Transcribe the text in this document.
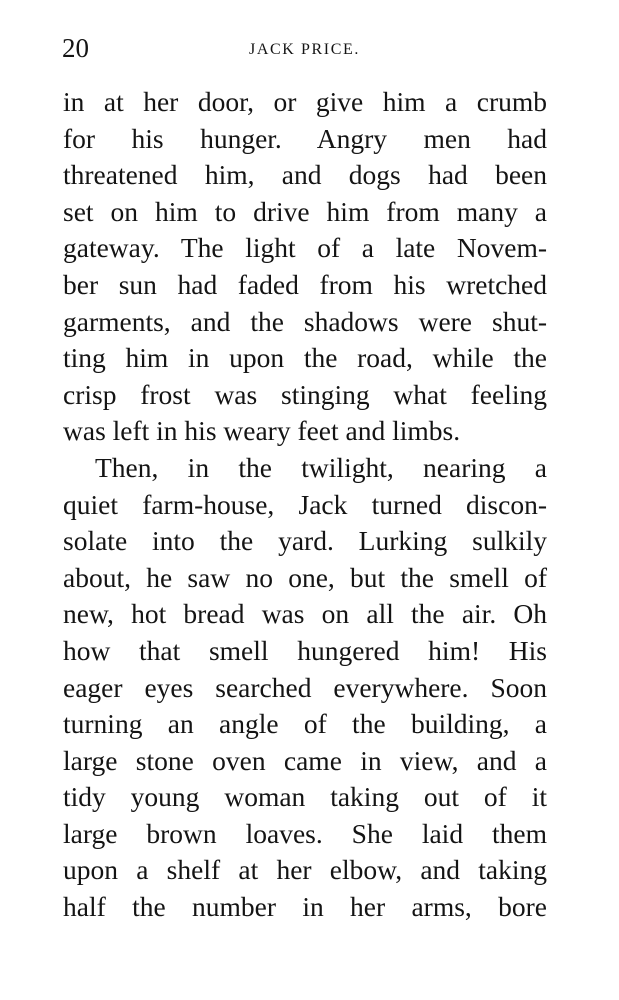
20	JACK PRICE.
in at her door, or give him a crumb
for his hunger. Angry men had
threatened him, and dogs had been
set on him to drive him from many a
gateway. The light of a late Novem-
ber sun had faded from his wretched
garments, and the shadows were shut-
ting him in upon the road, while the
crisp frost was stinging what feeling
was left in his weary feet and limbs.
Then, in the twilight, nearing a
quiet farm-house, Jack turned discon-
solate into the yard. Lurking sulkily
about, he saw no one, but the smell of
new, hot bread was on all the air. Oh
how that smell hungered him! His
eager eyes searched everywhere. Soon
turning an angle of the building, a
large stone oven came in view, and a
tidy young woman taking out of it
large brown loaves. She laid them
upon a shelf at her elbow, and taking
half the number in her arms, bore
